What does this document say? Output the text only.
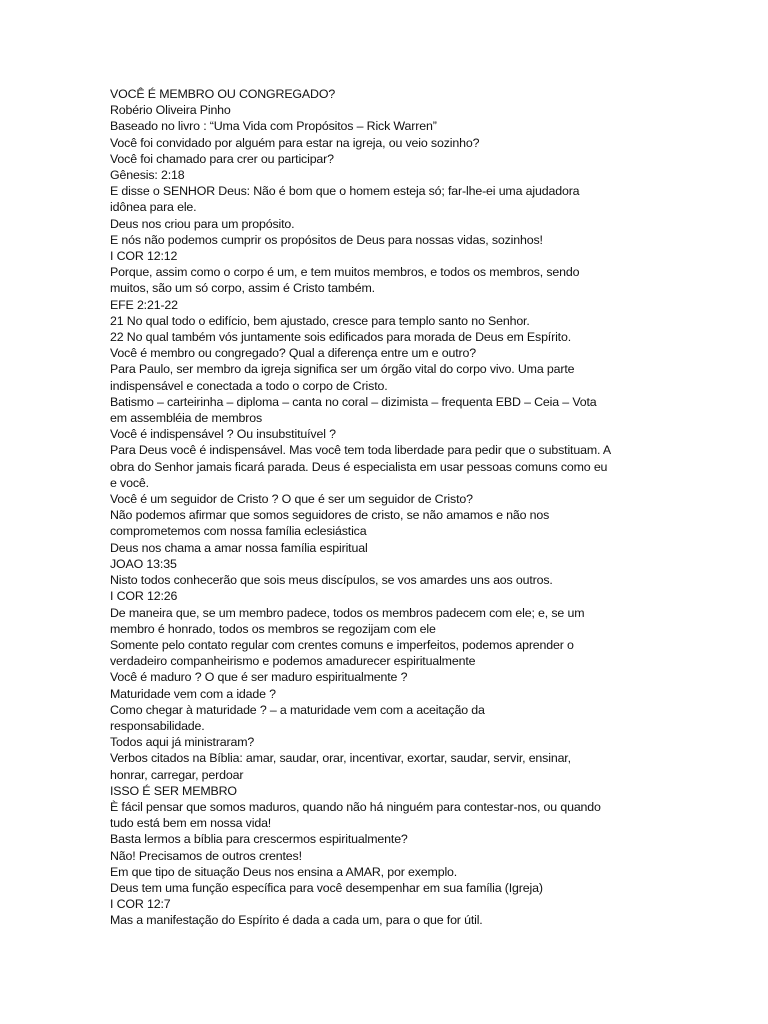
VOCÊ É MEMBRO OU CONGREGADO?
Robério Oliveira Pinho
Baseado no livro : “Uma Vida com Propósitos – Rick Warren”
Você foi convidado por alguém para estar na igreja, ou veio sozinho?
Você foi chamado para crer ou participar?
Gênesis: 2:18
E disse o SENHOR Deus: Não é bom que o homem esteja só; far-lhe-ei uma ajudadora
idônea para ele.
Deus nos criou para um propósito.
E nós não podemos cumprir os propósitos de Deus para nossas vidas, sozinhos!
I COR 12:12
Porque, assim como o corpo é um, e tem muitos membros, e todos os membros, sendo
muitos, são um só corpo, assim é Cristo também.
EFE 2:21-22
21 No qual todo o edifício, bem ajustado, cresce para templo santo no Senhor.
22 No qual também vós juntamente sois edificados para morada de Deus em Espírito.
Você é membro ou congregado? Qual a diferença entre um e outro?
Para Paulo, ser membro da igreja significa ser um órgão vital do corpo vivo. Uma parte
indispensável e conectada a todo o corpo de Cristo.
Batismo – carteirinha – diploma – canta no coral – dizimista – frequenta EBD – Ceia – Vota
em assembléia de membros
Você é indispensável ? Ou insubstituível ?
Para Deus você é indispensável. Mas você tem toda liberdade para pedir que o substituam. A
obra do Senhor jamais ficará parada. Deus é especialista em usar pessoas comuns como eu
e você.
Você é um seguidor de Cristo ? O que é ser um seguidor de Cristo?
Não podemos afirmar que somos seguidores de cristo, se não amamos e não nos
comprometemos com nossa família eclesiástica
Deus nos chama a amar nossa família espiritual
JOAO 13:35
Nisto todos conhecerão que sois meus discípulos, se vos amardes uns aos outros.
I COR 12:26
De maneira que, se um membro padece, todos os membros padecem com ele; e, se um
membro é honrado, todos os membros se regozijam com ele
Somente pelo contato regular com crentes comuns e imperfeitos, podemos aprender o
verdadeiro companheirismo e podemos amadurecer espiritualmente
Você é maduro ? O que é ser maduro espiritualmente ?
Maturidade vem com a idade ?
Como chegar à maturidade ? – a maturidade vem com a aceitação da
responsabilidade.
Todos aqui já ministraram?
Verbos citados na Bíblia: amar, saudar, orar, incentivar, exortar, saudar, servir, ensinar,
honrar, carregar, perdoar
ISSO É SER MEMBRO
È fácil pensar que somos maduros, quando não há ninguém para contestar-nos, ou quando
tudo está bem em nossa vida!
Basta lermos a bíblia para crescermos espiritualmente?
Não! Precisamos de outros crentes!
Em que tipo de situação Deus nos ensina a AMAR, por exemplo.
Deus tem uma função específica para você desempenhar em sua família (Igreja)
I COR 12:7
Mas a manifestação do Espírito é dada a cada um, para o que for útil.
